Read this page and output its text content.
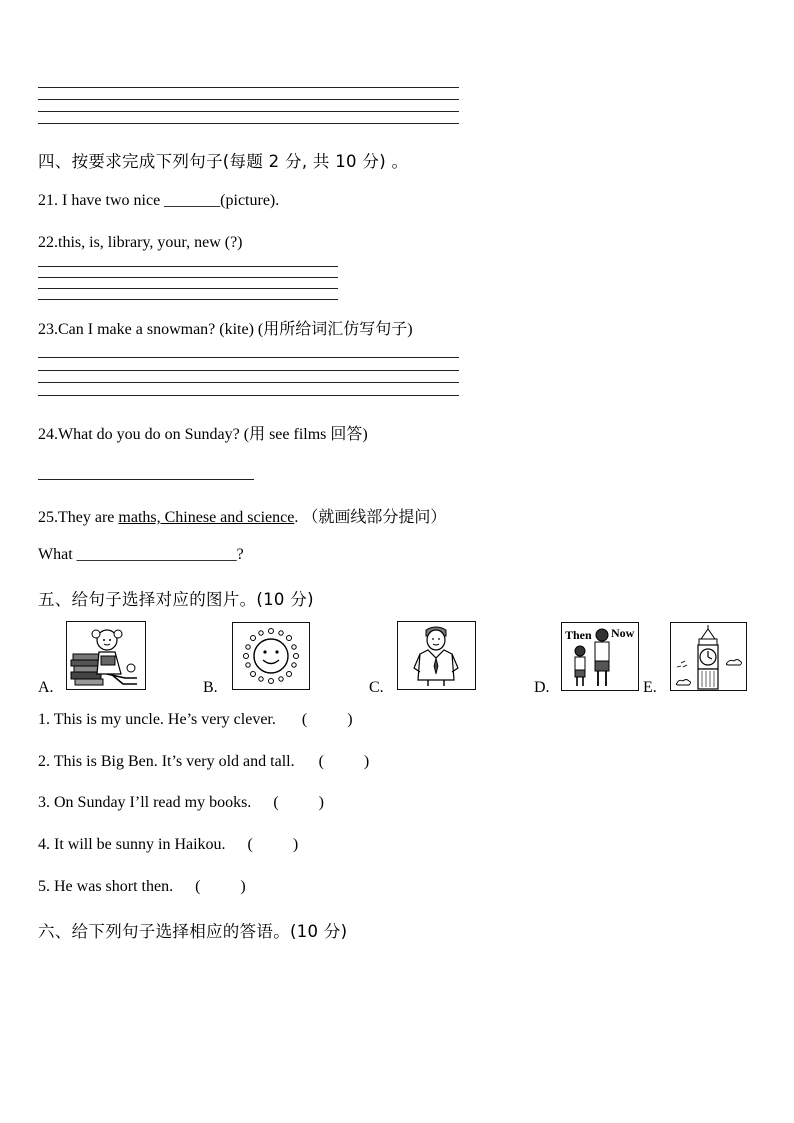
四、按要求完成下列句子(每题 2 分, 共 10 分) 。
21. I have two nice _______(picture).
22.this, is, library, your, new (?)
23.Can I make a snowman? (kite) (用所给词汇仿写句子)
24.What do you do on Sunday? (用 see films 回答)
25.They are maths, Chinese and science. （就画线部分提问）
What ____________________?
五、给句子选择对应的图片。(10 分)
A.	B.	C.	D.	E.
Then Now
1. This is my uncle. He’s very clever. (          )
2. This is Big Ben. It’s very old and tall. (          )
3. On Sunday I’ll read my books. (          )
4. It will be sunny in Haikou. (          )
5. He was short then. (          )
六、给下列句子选择相应的答语。(10 分)
